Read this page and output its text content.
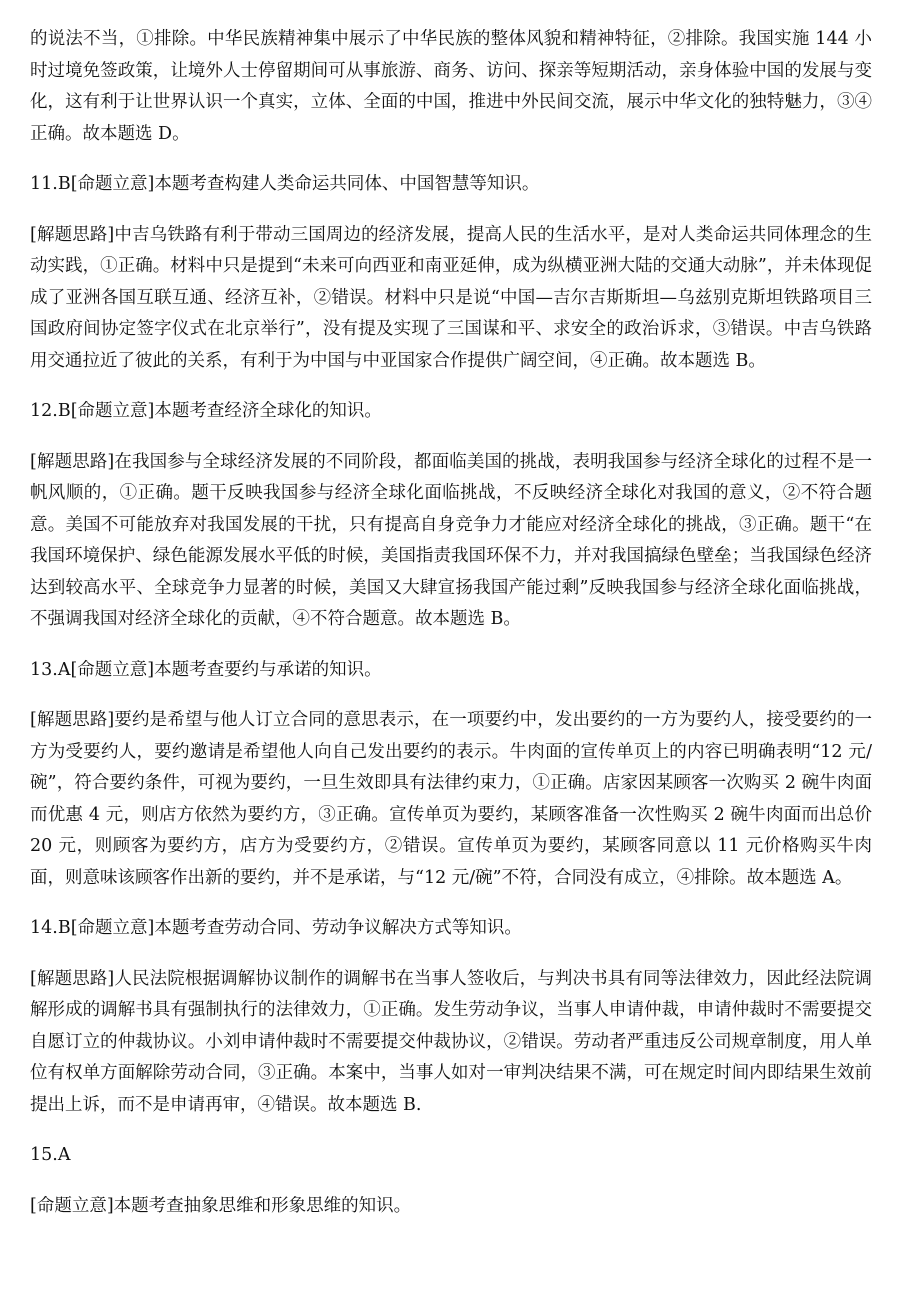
的说法不当，①排除。中华民族精神集中展示了中华民族的整体风貌和精神特征，②排除。我国实施 144 小时过境免签政策，让境外人士停留期间可从事旅游、商务、访问、探亲等短期活动，亲身体验中国的发展与变化，这有利于让世界认识一个真实，立体、全面的中国，推进中外民间交流，展示中华文化的独特魅力，③④正确。故本题选 D。

11.B[命题立意]本题考查构建人类命运共同体、中国智慧等知识。

[解题思路]中吉乌铁路有利于带动三国周边的经济发展，提高人民的生活水平，是对人类命运共同体理念的生动实践，①正确。材料中只是提到“未来可向西亚和南亚延伸，成为纵横亚洲大陆的交通大动脉”，并未体现促成了亚洲各国互联互通、经济互补，②错误。材料中只是说“中国—吉尔吉斯斯坦—乌兹别克斯坦铁路项目三国政府间协定签字仪式在北京举行”，没有提及实现了三国谋和平、求安全的政治诉求，③错误。中吉乌铁路用交通拉近了彼此的关系，有利于为中国与中亚国家合作提供广阔空间，④正确。故本题选 B。

12.B[命题立意]本题考查经济全球化的知识。

[解题思路]在我国参与全球经济发展的不同阶段，都面临美国的挑战，表明我国参与经济全球化的过程不是一帆风顺的，①正确。题干反映我国参与经济全球化面临挑战，不反映经济全球化对我国的意义，②不符合题意。美国不可能放弃对我国发展的干扰，只有提高自身竞争力才能应对经济全球化的挑战，③正确。题干“在我国环境保护、绿色能源发展水平低的时候，美国指责我国环保不力，并对我国搞绿色壁垒；当我国绿色经济达到较高水平、全球竞争力显著的时候，美国又大肆宣扬我国产能过剩”反映我国参与经济全球化面临挑战，不强调我国对经济全球化的贡献，④不符合题意。故本题选 B。

13.A[命题立意]本题考查要约与承诺的知识。

[解题思路]要约是希望与他人订立合同的意思表示，在一项要约中，发出要约的一方为要约人，接受要约的一方为受要约人，要约邀请是希望他人向自己发出要约的表示。牛肉面的宣传单页上的内容已明确表明“12 元/碗”，符合要约条件，可视为要约，一旦生效即具有法律约束力，①正确。店家因某顾客一次购买 2 碗牛肉面而优惠 4 元，则店方依然为要约方，③正确。宣传单页为要约，某顾客准备一次性购买 2 碗牛肉面而出总价 20 元，则顾客为要约方，店方为受要约方，②错误。宣传单页为要约，某顾客同意以 11 元价格购买牛肉面，则意味该顾客作出新的要约，并不是承诺，与“12 元/碗”不符，合同没有成立，④排除。故本题选 A。

14.B[命题立意]本题考查劳动合同、劳动争议解决方式等知识。

[解题思路]人民法院根据调解协议制作的调解书在当事人签收后，与判决书具有同等法律效力，因此经法院调解形成的调解书具有强制执行的法律效力，①正确。发生劳动争议，当事人申请仲裁，申请仲裁时不需要提交自愿订立的仲裁协议。小刘申请仲裁时不需要提交仲裁协议，②错误。劳动者严重违反公司规章制度，用人单位有权单方面解除劳动合同，③正确。本案中，当事人如对一审判决结果不满，可在规定时间内即结果生效前提出上诉，而不是申请再审，④错误。故本题选 B.

15.A

[命题立意]本题考查抽象思维和形象思维的知识。
